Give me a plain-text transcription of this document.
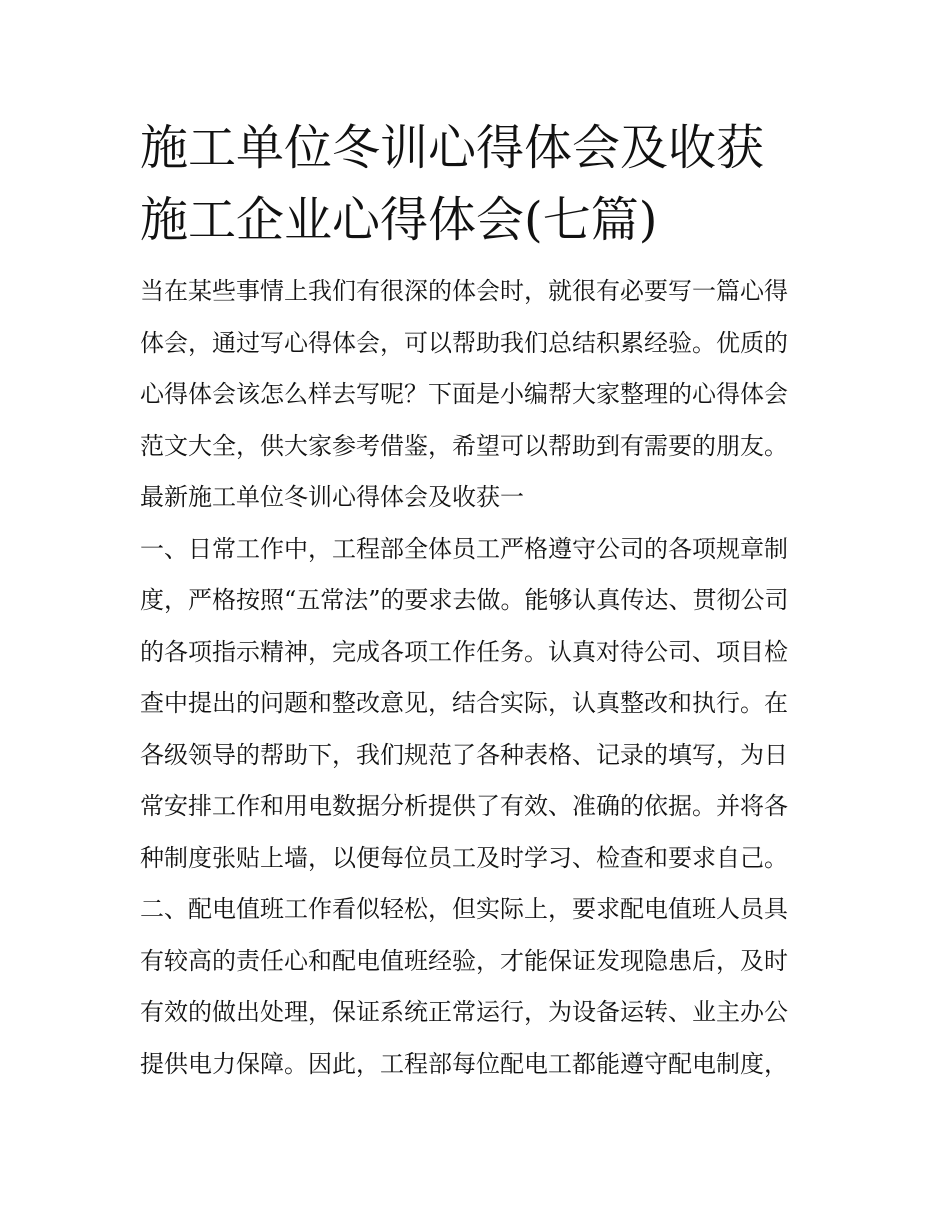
施工单位冬训心得体会及收获
施工企业心得体会(七篇)
当在某些事情上我们有很深的体会时，就很有必要写一篇心得
体会，通过写心得体会，可以帮助我们总结积累经验。优质的
心得体会该怎么样去写呢？下面是小编帮大家整理的心得体会
范文大全，供大家参考借鉴，希望可以帮助到有需要的朋友。
最新施工单位冬训心得体会及收获一
一、日常工作中，工程部全体员工严格遵守公司的各项规章制
度，严格按照“五常法”的要求去做。能够认真传达、贯彻公司
的各项指示精神，完成各项工作任务。认真对待公司、项目检
查中提出的问题和整改意见，结合实际，认真整改和执行。在
各级领导的帮助下，我们规范了各种表格、记录的填写，为日
常安排工作和用电数据分析提供了有效、准确的依据。并将各
种制度张贴上墙，以便每位员工及时学习、检查和要求自己。
二、配电值班工作看似轻松，但实际上，要求配电值班人员具
有较高的责任心和配电值班经验，才能保证发现隐患后，及时
有效的做出处理，保证系统正常运行，为设备运转、业主办公
提供电力保障。因此，工程部每位配电工都能遵守配电制度，
